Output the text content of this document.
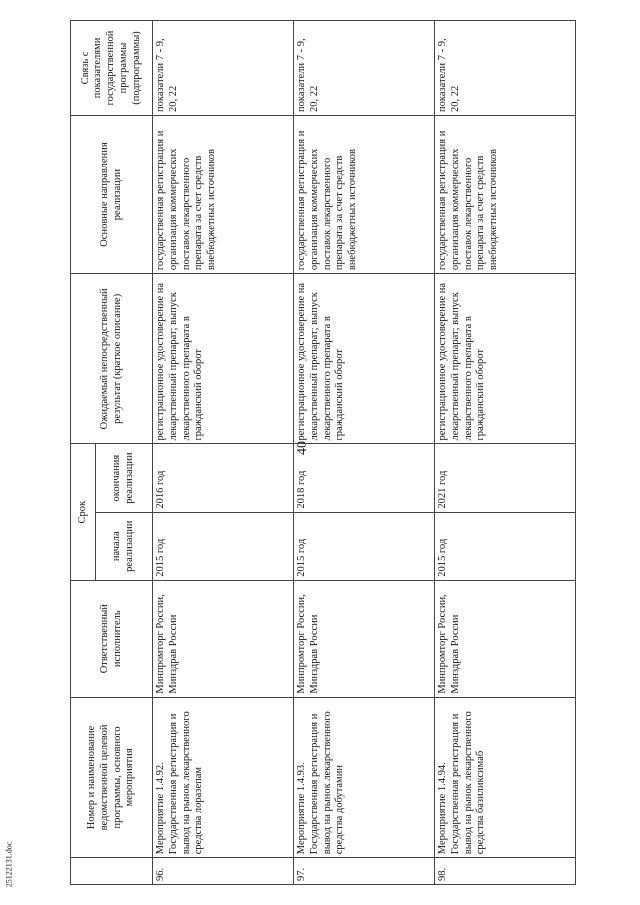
40
25122131.doc
	Номер и наименование ведомственной целевой программы, основного мероприятия	Ответственный исполнитель	Срок		Ожидаемый непосредственный результат (краткое описание)	Основные направления реализации	Связь с показателями государственной программы (подпрограммы)
			начала реализации	окончания реализации			
96.	Мероприятие 1.4.92. Государственная регистрация и вывод на рынок лекарственного средства лоразепам	Минпромторг России, Минздрав России	2015 год	2016 год	регистрационное удостоверение на лекарственный препарат; выпуск лекарственного препарата в гражданский оборот	государственная регистрация и организация коммерческих поставок лекарственного препарата за счет средств внебюджетных источников	показатели 7 - 9, 20, 22
97.	Мероприятие 1.4.93. Государственная регистрация и вывод на рынок лекарственного средства добутамин	Минпромторг России, Минздрав России	2015 год	2018 год	регистрационное удостоверение на лекарственный препарат; выпуск лекарственного препарата в гражданский оборот	государственная регистрация и организация коммерческих поставок лекарственного препарата за счет средств внебюджетных источников	показатели 7 - 9, 20, 22
98.	Мероприятие 1.4.94. Государственная регистрация и вывод на рынок лекарственного средства базиликсимаб	Минпромторг России, Минздрав России	2015 год	2021 год	регистрационное удостоверение на лекарственный препарат; выпуск лекарственного препарата в гражданский оборот	государственная регистрация и организация коммерческих поставок лекарственного препарата за счет средств внебюджетных источников	показатели 7 - 9, 20, 22
